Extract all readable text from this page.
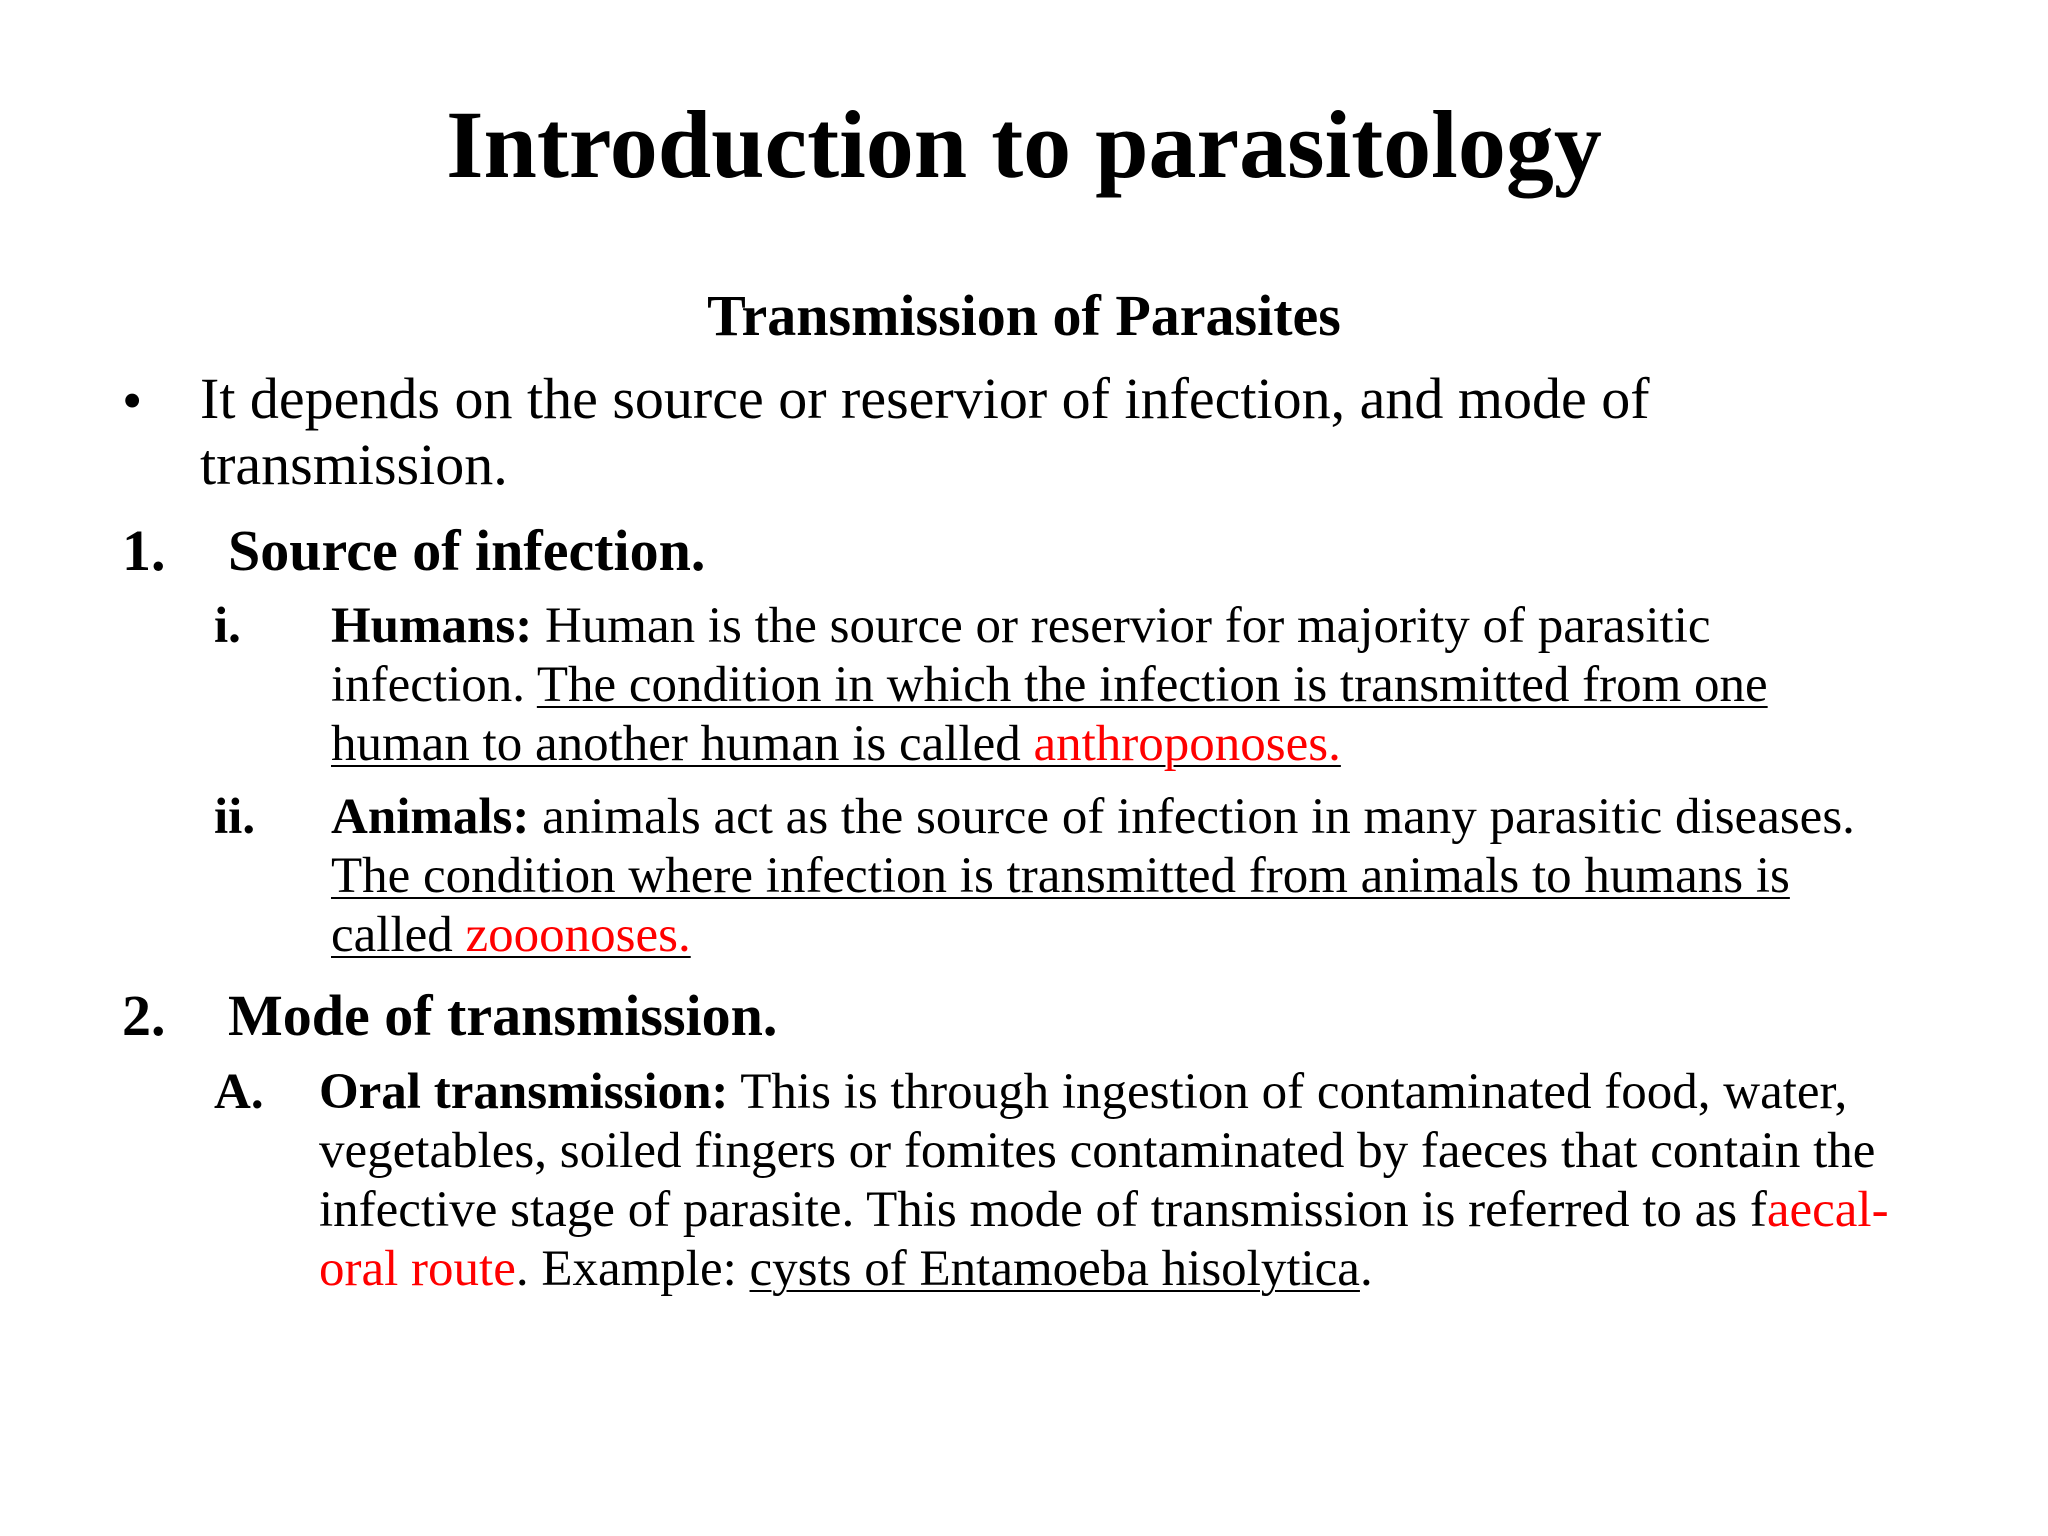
Introduction to parasitology
Transmission of Parasites
• It depends on the source or reservior of infection, and mode of transmission.
1. Source of infection.
i. Humans: Human is the source or reservior for majority of parasitic infection. The condition in which the infection is transmitted from one human to another human is called anthroponoses.
ii. Animals: animals act as the source of infection in many parasitic diseases. The condition where infection is transmitted from animals to humans is called zooonoses.
2. Mode of transmission.
A. Oral transmission: This is through ingestion of contaminated food, water, vegetables, soiled fingers or fomites contaminated by faeces that contain the infective stage of parasite. This mode of transmission is referred to as faecal-oral route. Example: cysts of Entamoeba hisolytica.
